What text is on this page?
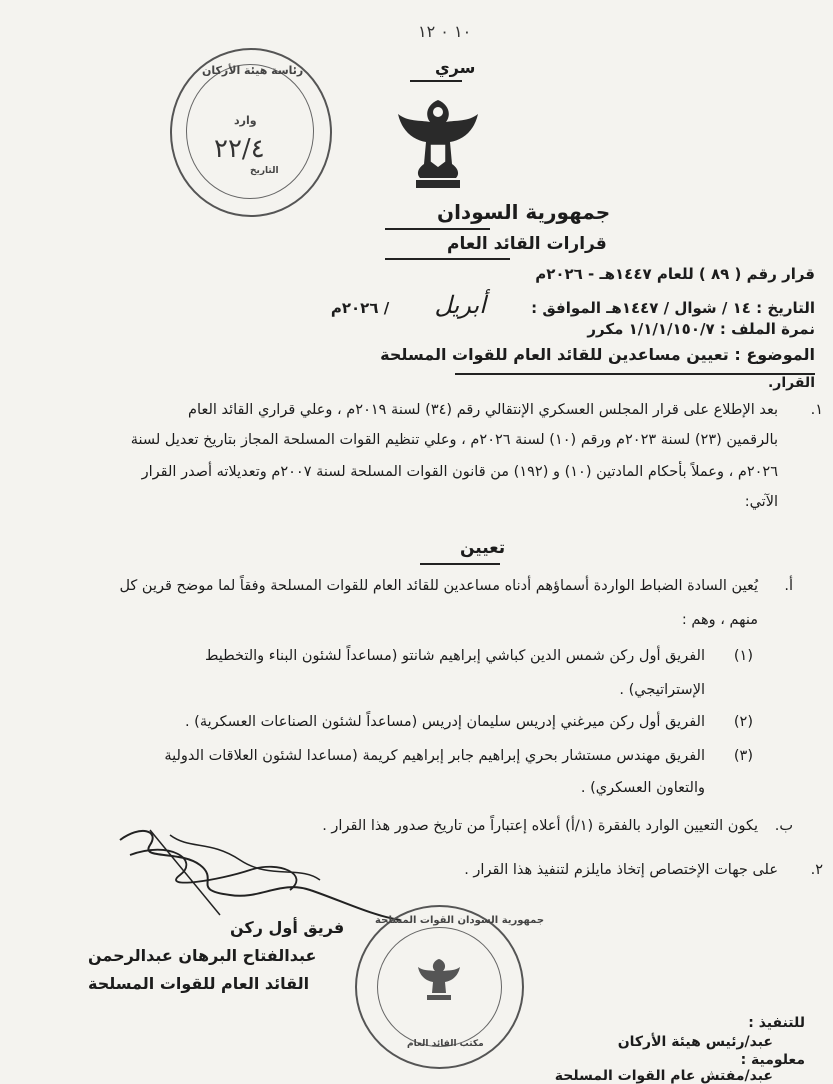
١٠ ٠ ١٢
سري
جمهورية السودان
قرارات القائد العام
رئاسة هيئة الأركان
وارد
٢٢/٤
التاريخ
قرار رقم ( ٨٩ ) للعام ١٤٤٧هـ - ٢٠٢٦م
التاريخ : ١٤ / شوال / ١٤٤٧هـ الموافق : أبريل / ٢٠٢٦م
نمرة الملف : ١/١/١/١٥٠/٧ مكرر
الموضوع : تعيين مساعدين للقائد العام للقوات المسلحة
القرار.
١.
بعد الإطلاع على قرار المجلس العسكري الإنتقالي رقم (٣٤) لسنة ٢٠١٩م ، وعلي قراري القائد العام
بالرقمين (٢٣) لسنة ٢٠٢٣م ورقم (١٠) لسنة ٢٠٢٦م ، وعلي تنظيم القوات المسلحة المجاز بتاريخ تعديل لسنة
٢٠٢٦م ، وعملاً بأحكام المادتين (١٠) و (١٩٢) من قانون القوات المسلحة لسنة ٢٠٠٧م وتعديلاته أصدر القرار
الآتي:
تعيين
أ.
يُعين السادة الضباط الواردة أسماؤهم أدناه مساعدين للقائد العام للقوات المسلحة وفقاً لما موضح قرين كل
منهم ، وهم :
(١)
الفريق أول ركن شمس الدين كباشي إبراهيم شانتو (مساعداً لشئون البناء والتخطيط
الإستراتيجي) .
(٢)
الفريق أول ركن ميرغني إدريس سليمان إدريس (مساعداً لشئون الصناعات العسكرية) .
(٣)
الفريق مهندس مستشار بحري إبراهيم جابر إبراهيم كريمة (مساعدا لشئون العلاقات الدولية
والتعاون العسكري) .
ب.
يكون التعيين الوارد بالفقرة (١/أ) أعلاه إعتباراً من تاريخ صدور هذا القرار .
٢.
على جهات الإختصاص إتخاذ مايلزم لتنفيذ هذا القرار .
فريق أول ركن
عبدالفتاح البرهان عبدالرحمن
القائد العام للقوات المسلحة
جمهورية السودان القوات المسلحة
مكتب القائد العام
للتنفيذ :
عبد/رئيس هيئة الأركان
معلومية :
عبد/مفتش عام القوات المسلحة
